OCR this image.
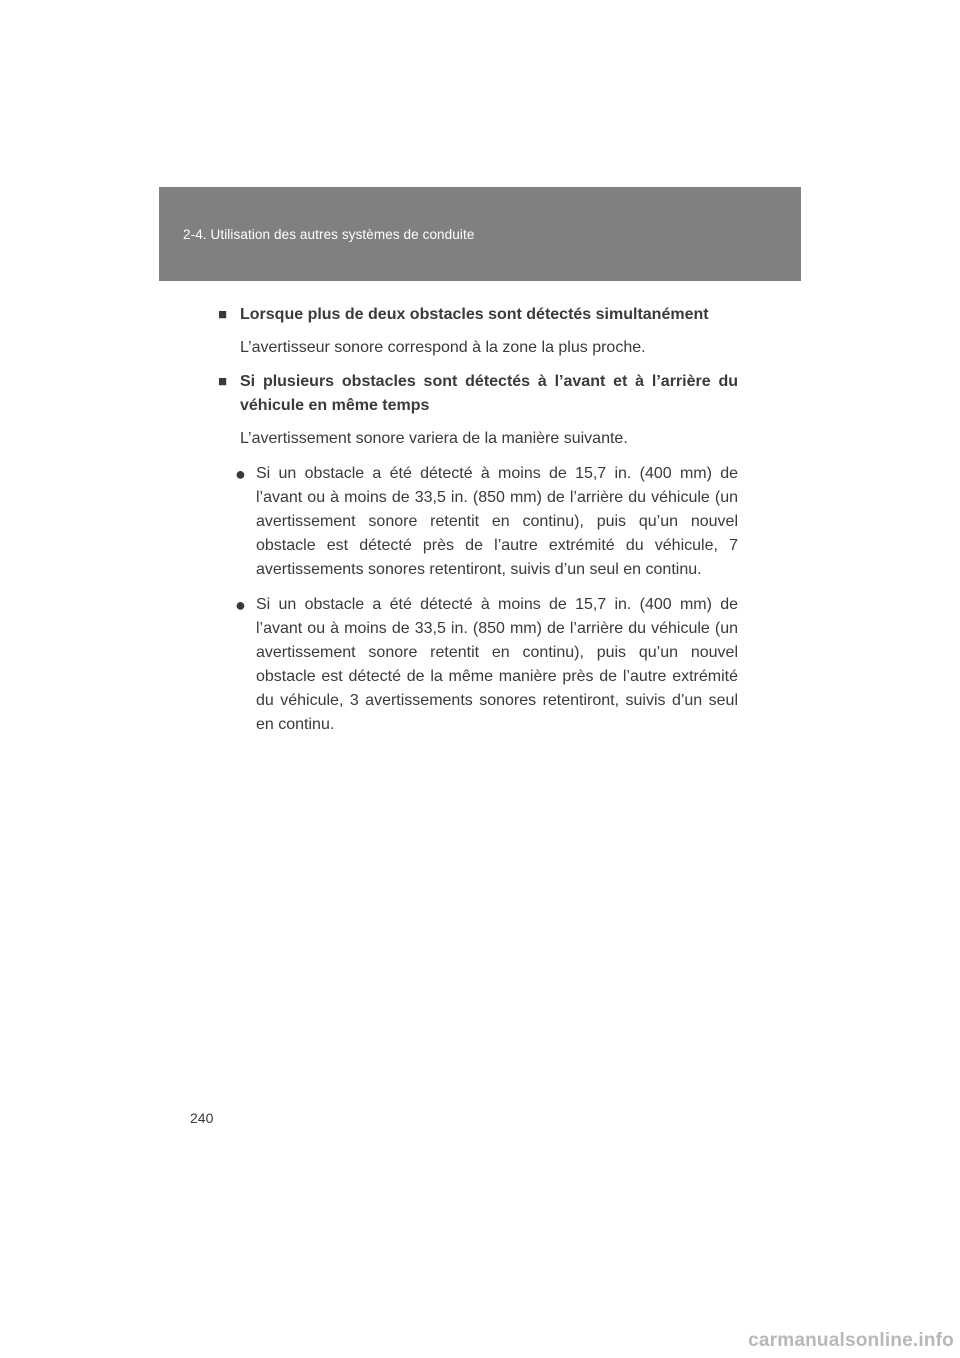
2-4. Utilisation des autres systèmes de conduite
■ Lorsque plus de deux obstacles sont détectés simultanément

L’avertisseur sonore correspond à la zone la plus proche.

■ Si plusieurs obstacles sont détectés à l’avant et à l’arrière du véhicule en même temps

L’avertissement sonore variera de la manière suivante.

● Si un obstacle a été détecté à moins de 15,7 in. (400 mm) de l’avant ou à moins de 33,5 in. (850 mm) de l’arrière du véhicule (un avertissement sonore retentit en continu), puis qu’un nouvel obstacle est détecté près de l’autre extrémité du véhicule, 7 avertissements sonores retentiront, suivis d’un seul en continu.
● Si un obstacle a été détecté à moins de 15,7 in. (400 mm) de l’avant ou à moins de 33,5 in. (850 mm) de l’arrière du véhicule (un avertissement sonore retentit en continu), puis qu’un nouvel obstacle est détecté de la même manière près de l’autre extrémité du véhicule, 3 avertissements sonores retentiront, suivis d’un seul en continu.
240
carmanualsonline.info
